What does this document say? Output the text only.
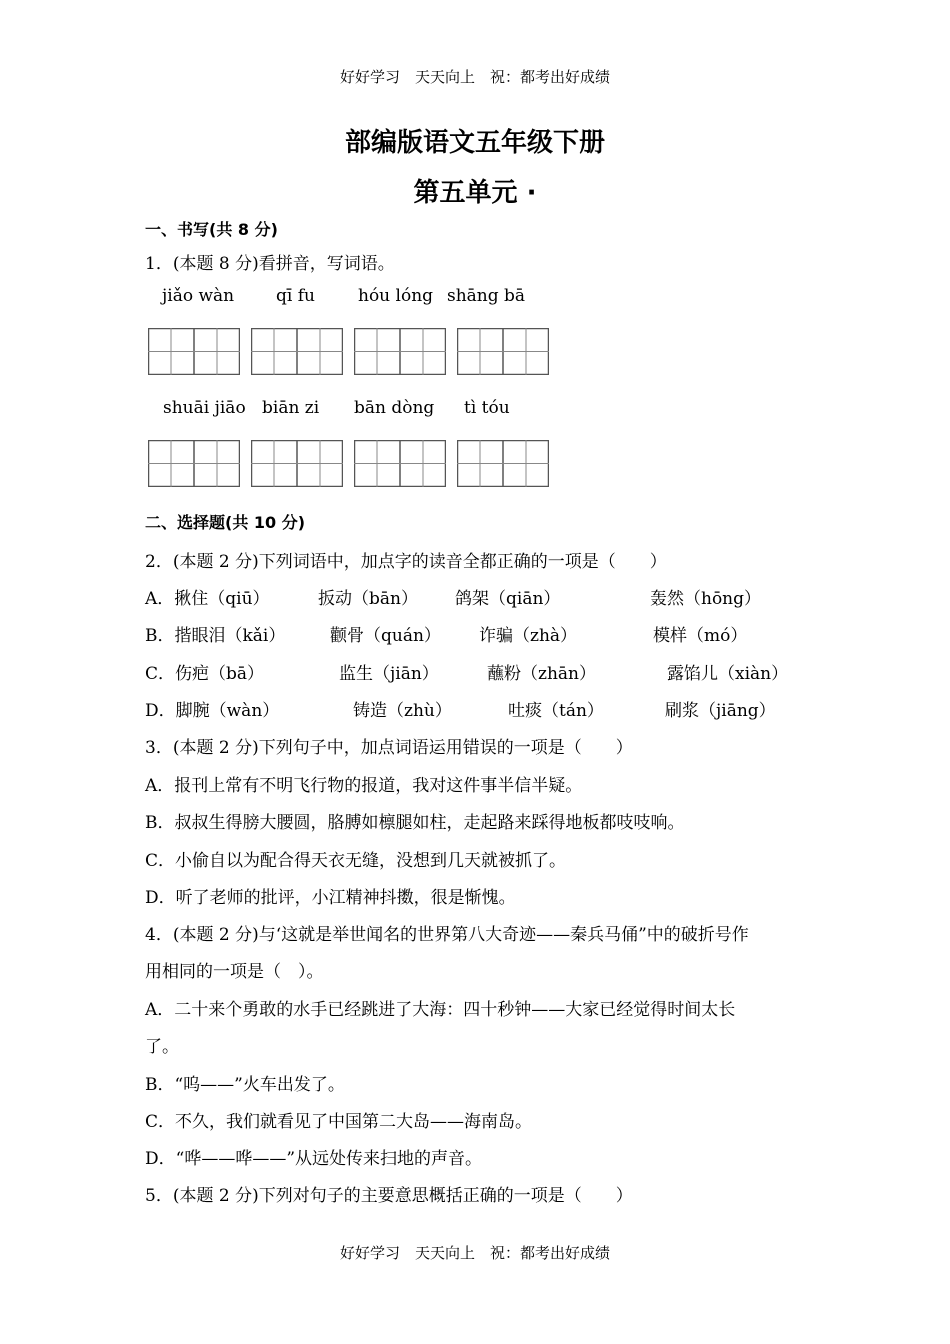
好好学习　天天向上　祝：都考出好成绩
部编版语文五年级下册
第五单元 ·
一、书写(共 8 分)
1．(本题 8 分)看拼音，写词语。
jiǎo wàn qī fu	hóu lóng shāng bā
shuāi jiāo biān zi bān dòng tì tóu
二、选择题(共 10 分)
2．(本题 2 分)下列词语中，加点字的读音全都正确的一项是（　　）
A．揪住（qiū）	扳动（bān） 鸽架（qiān）	轰然（hōng）
B．揩眼泪（kǎi）	颧骨（quán） 诈骗（zhà）	模样（mó）
C．伤疤（bā）	监生（jiān）	蘸粉（zhān）	露馅儿（xiàn）
D．脚腕（wàn）	铸造（zhù）	吐痰（tán）	刷浆（jiāng）
3．(本题 2 分)下列句子中，加点词语运用错误的一项是（　　）
A．报刊上常有不明飞行物的报道，我对这件事半信半疑。
B．叔叔生得膀大腰圆，胳膊如檩腿如柱，走起路来踩得地板都吱吱响。
C．小偷自以为配合得天衣无缝，没想到几天就被抓了。
D．听了老师的批评，小江精神抖擞，很是惭愧。
4．(本题 2 分)与‘这就是举世闻名的世界第八大奇迹——秦兵马俑”中的破折号作
用相同的一项是（　）。
A．二十来个勇敢的水手已经跳进了大海：四十秒钟——大家已经觉得时间太长
了。
B．“呜——”火车出发了。
C．不久，我们就看见了中国第二大岛——海南岛。
D．“哗——哗——”从远处传来扫地的声音。
5．(本题 2 分)下列对句子的主要意思概括正确的一项是（　　）
好好学习　天天向上　祝：都考出好成绩
